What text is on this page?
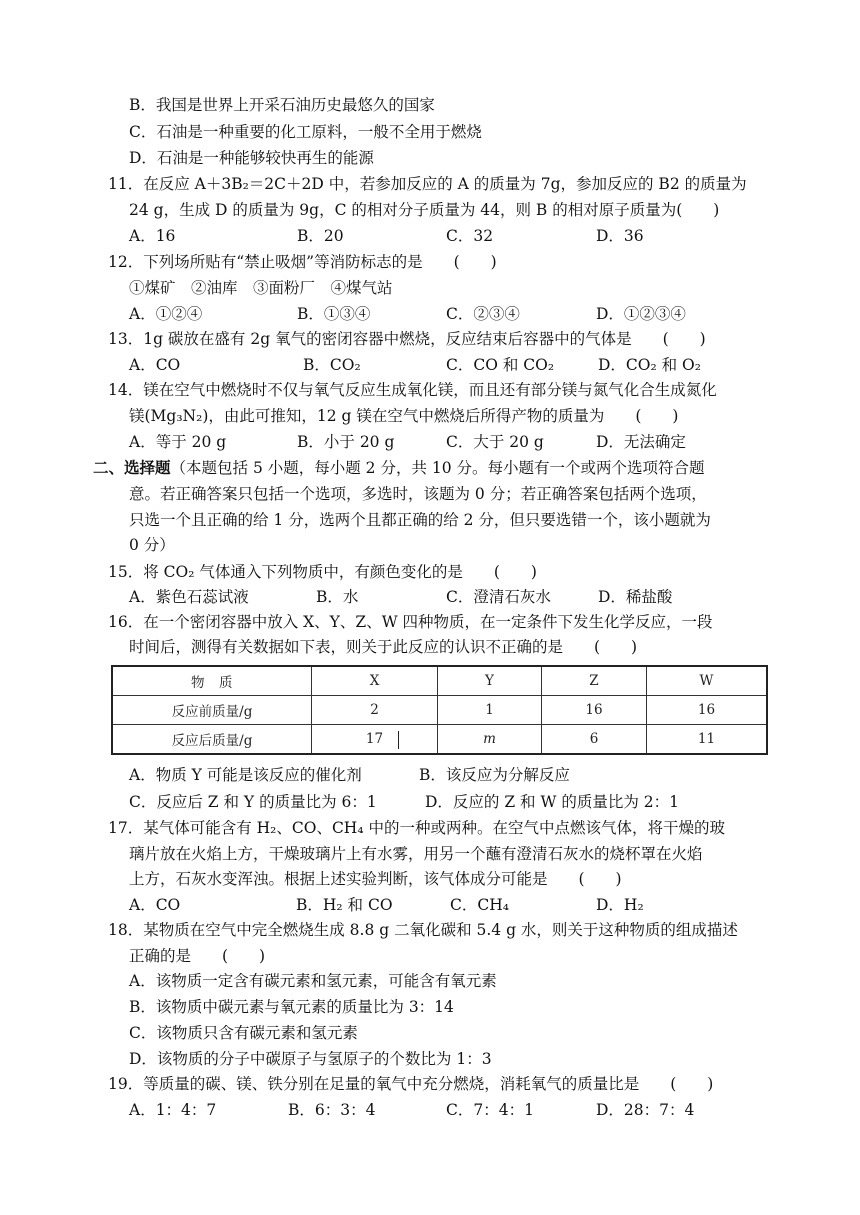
B．我国是世界上开采石油历史最悠久的国家
C．石油是一种重要的化工原料，一般不全用于燃烧
D．石油是一种能够较快再生的能源
11．在反应 A＋3B₂＝2C＋2D 中，若参加反应的 A 的质量为 7g，参加反应的 B2 的质量为
24 g，生成 D 的质量为 9g，C 的相对分子质量为 44，则 B 的相对原子质量为(　　)
A．16	B．20	C．32	D．36
12．下列场所贴有“禁止吸烟”等消防标志的是　　(　　)
①煤矿　②油库　③面粉厂　④煤气站
A．①②④	B．①③④	C．②③④	D．①②③④
13．1g 碳放在盛有 2g 氧气的密闭容器中燃烧，反应结束后容器中的气体是　　(　　)
A．CO	B．CO₂	C．CO 和 CO₂	D．CO₂ 和 O₂
14．镁在空气中燃烧时不仅与氧气反应生成氧化镁，而且还有部分镁与氮气化合生成氮化
镁(Mg₃N₂)，由此可推知，12 g 镁在空气中燃烧后所得产物的质量为　　(　　)
A．等于 20 g	B．小于 20 g	C．大于 20 g	D．无法确定
二、选择题（本题包括 5 小题，每小题 2 分，共 10 分。每小题有一个或两个选项符合题
意。若正确答案只包括一个选项，多选时，该题为 0 分；若正确答案包括两个选项，
只选一个且正确的给 1 分，选两个且都正确的给 2 分，但只要选错一个，该小题就为
0 分）
15．将 CO₂ 气体通入下列物质中，有颜色变化的是　　(　　)
A．紫色石蕊试液	B．水	C．澄清石灰水	D．稀盐酸
16．在一个密闭容器中放入 X、Y、Z、W 四种物质，在一定条件下发生化学反应，一段
时间后，测得有关数据如下表，则关于此反应的认识不正确的是　　(　　)
物　质	X	Y	Z	W
反应前质量/g	2	1	16	16
反应后质量/g	17	m	6	11
A．物质 Y 可能是该反应的催化剂	B．该反应为分解反应
C．反应后 Z 和 Y 的质量比为 6：1	D．反应的 Z 和 W 的质量比为 2：1
17．某气体可能含有 H₂、CO、CH₄ 中的一种或两种。在空气中点燃该气体，将干燥的玻
璃片放在火焰上方，干燥玻璃片上有水雾，用另一个蘸有澄清石灰水的烧杯罩在火焰
上方，石灰水变浑浊。根据上述实验判断，该气体成分可能是　　(　　)
A．CO	B．H₂ 和 CO	C．CH₄	D．H₂
18．某物质在空气中完全燃烧生成 8.8 g 二氧化碳和 5.4 g 水，则关于这种物质的组成描述
正确的是　　(　　)
A．该物质一定含有碳元素和氢元素，可能含有氧元素
B．该物质中碳元素与氧元素的质量比为 3：14
C．该物质只含有碳元素和氢元素
D．该物质的分子中碳原子与氢原子的个数比为 1：3
19．等质量的碳、镁、铁分别在足量的氧气中充分燃烧，消耗氧气的质量比是　　(　　)
A．1：4：7	B．6：3：4	C．7：4：1	D．28：7：4
